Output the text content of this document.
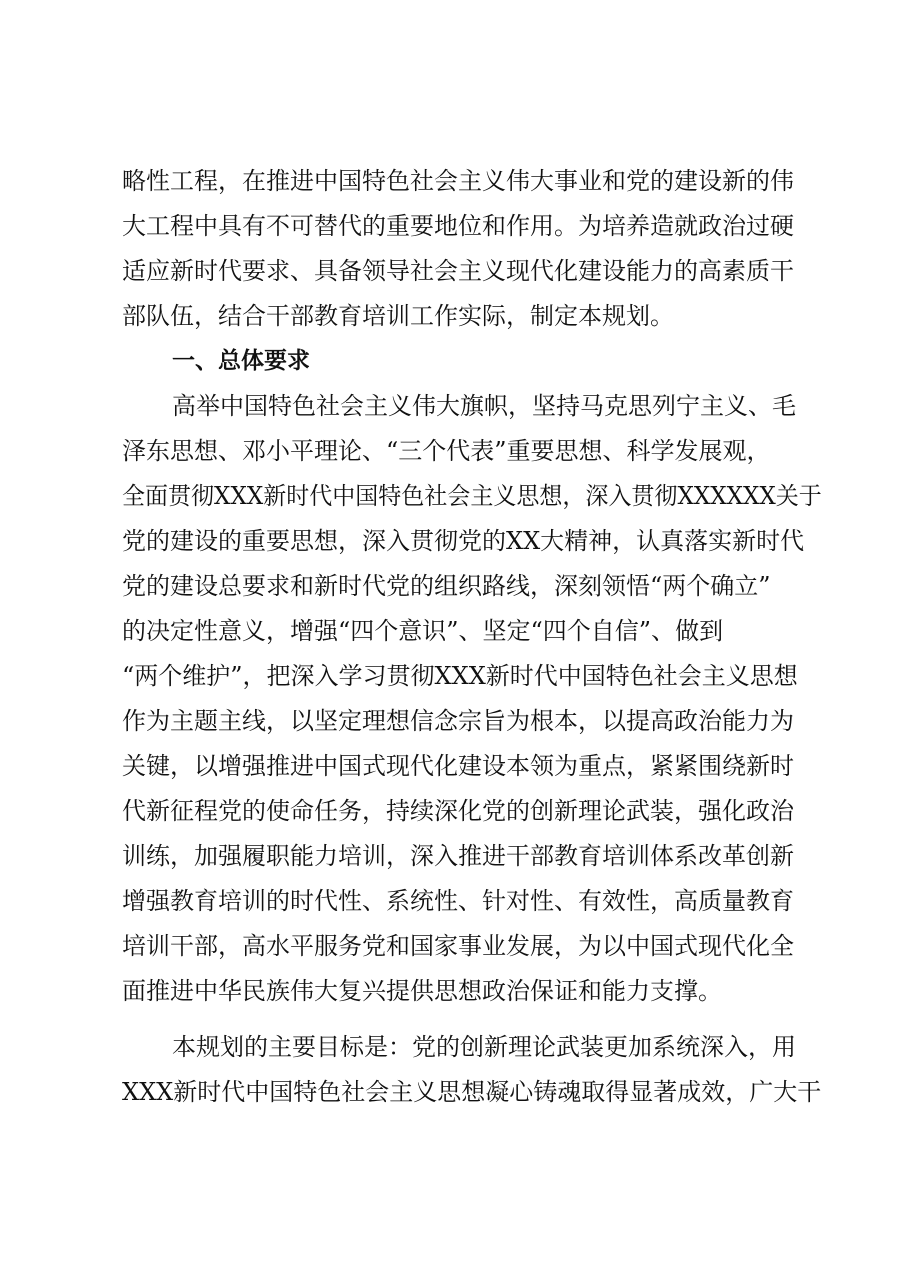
略性工程，在推进中国特色社会主义伟大事业和党的建设新的伟
大工程中具有不可替代的重要地位和作用。为培养造就政治过硬
适应新时代要求、具备领导社会主义现代化建设能力的高素质干
部队伍，结合干部教育培训工作实际，制定本规划。
一、总体要求
高举中国特色社会主义伟大旗帜，坚持马克思列宁主义、毛
泽东思想、邓小平理论、“三个代表”重要思想、科学发展观，
全面贯彻XXX新时代中国特色社会主义思想，深入贯彻XXXXXX关于
党的建设的重要思想，深入贯彻党的XX大精神，认真落实新时代
党的建设总要求和新时代党的组织路线，深刻领悟“两个确立”
的决定性意义，增强“四个意识”、坚定“四个自信”、做到
“两个维护”，把深入学习贯彻XXX新时代中国特色社会主义思想
作为主题主线，以坚定理想信念宗旨为根本，以提高政治能力为
关键，以增强推进中国式现代化建设本领为重点，紧紧围绕新时
代新征程党的使命任务，持续深化党的创新理论武装，强化政治
训练，加强履职能力培训，深入推进干部教育培训体系改革创新
增强教育培训的时代性、系统性、针对性、有效性，高质量教育
培训干部，高水平服务党和国家事业发展，为以中国式现代化全
面推进中华民族伟大复兴提供思想政治保证和能力支撑。
本规划的主要目标是：党的创新理论武装更加系统深入，用
XXX新时代中国特色社会主义思想凝心铸魂取得显著成效，广大干
